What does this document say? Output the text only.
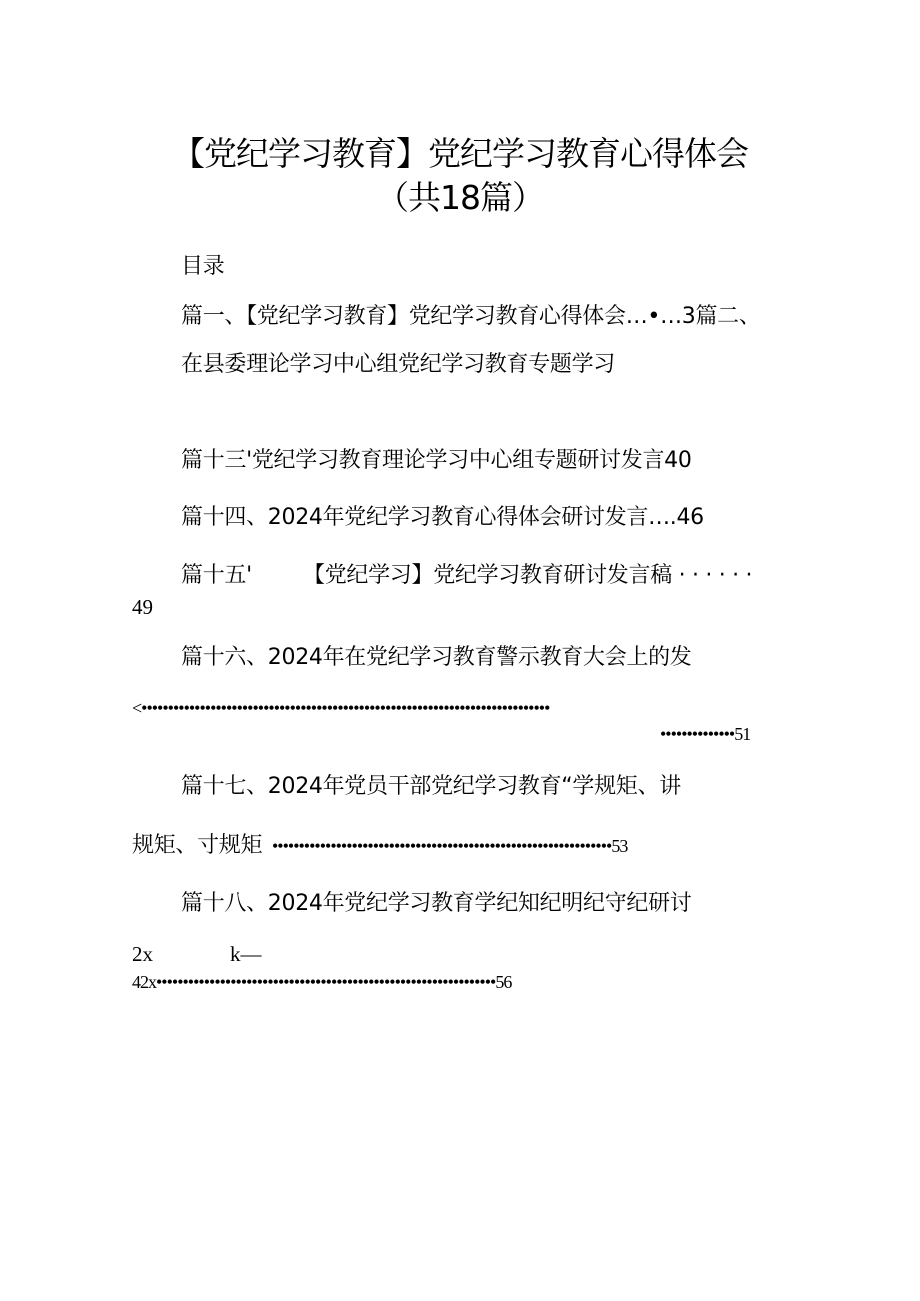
【党纪学习教育】党纪学习教育心得体会
（共18篇）
目录
篇一、【党纪学习教育】党纪学习教育心得体会…•…3篇二、
在县委理论学习中心组党纪学习教育专题学习
篇十三'党纪学习教育理论学习中心组专题研讨发言40
篇十四、2024年党纪学习教育心得体会研讨发言….46
篇十五' 【党纪学习】党纪学习教育研讨发言稿 · · · · · ·
49
篇十六、2024年在党纪学习教育警示教育大会上的发
<•••••••••••••••••••••••••••••••••••••••••••••••••••••••••••••••••••••••••••••
••••••••••••••51
篇十七、2024年党员干部党纪学习教育“学规矩、讲
规矩、寸规矩 ••••••••••••••••••••••••••••••••••••••••••••••••••••••••••••••••53
篇十八、2024年党纪学习教育学纪知纪明纪守纪研讨
2x	k—
42x••••••••••••••••••••••••••••••••••••••••••••••••••••••••••••••••56
